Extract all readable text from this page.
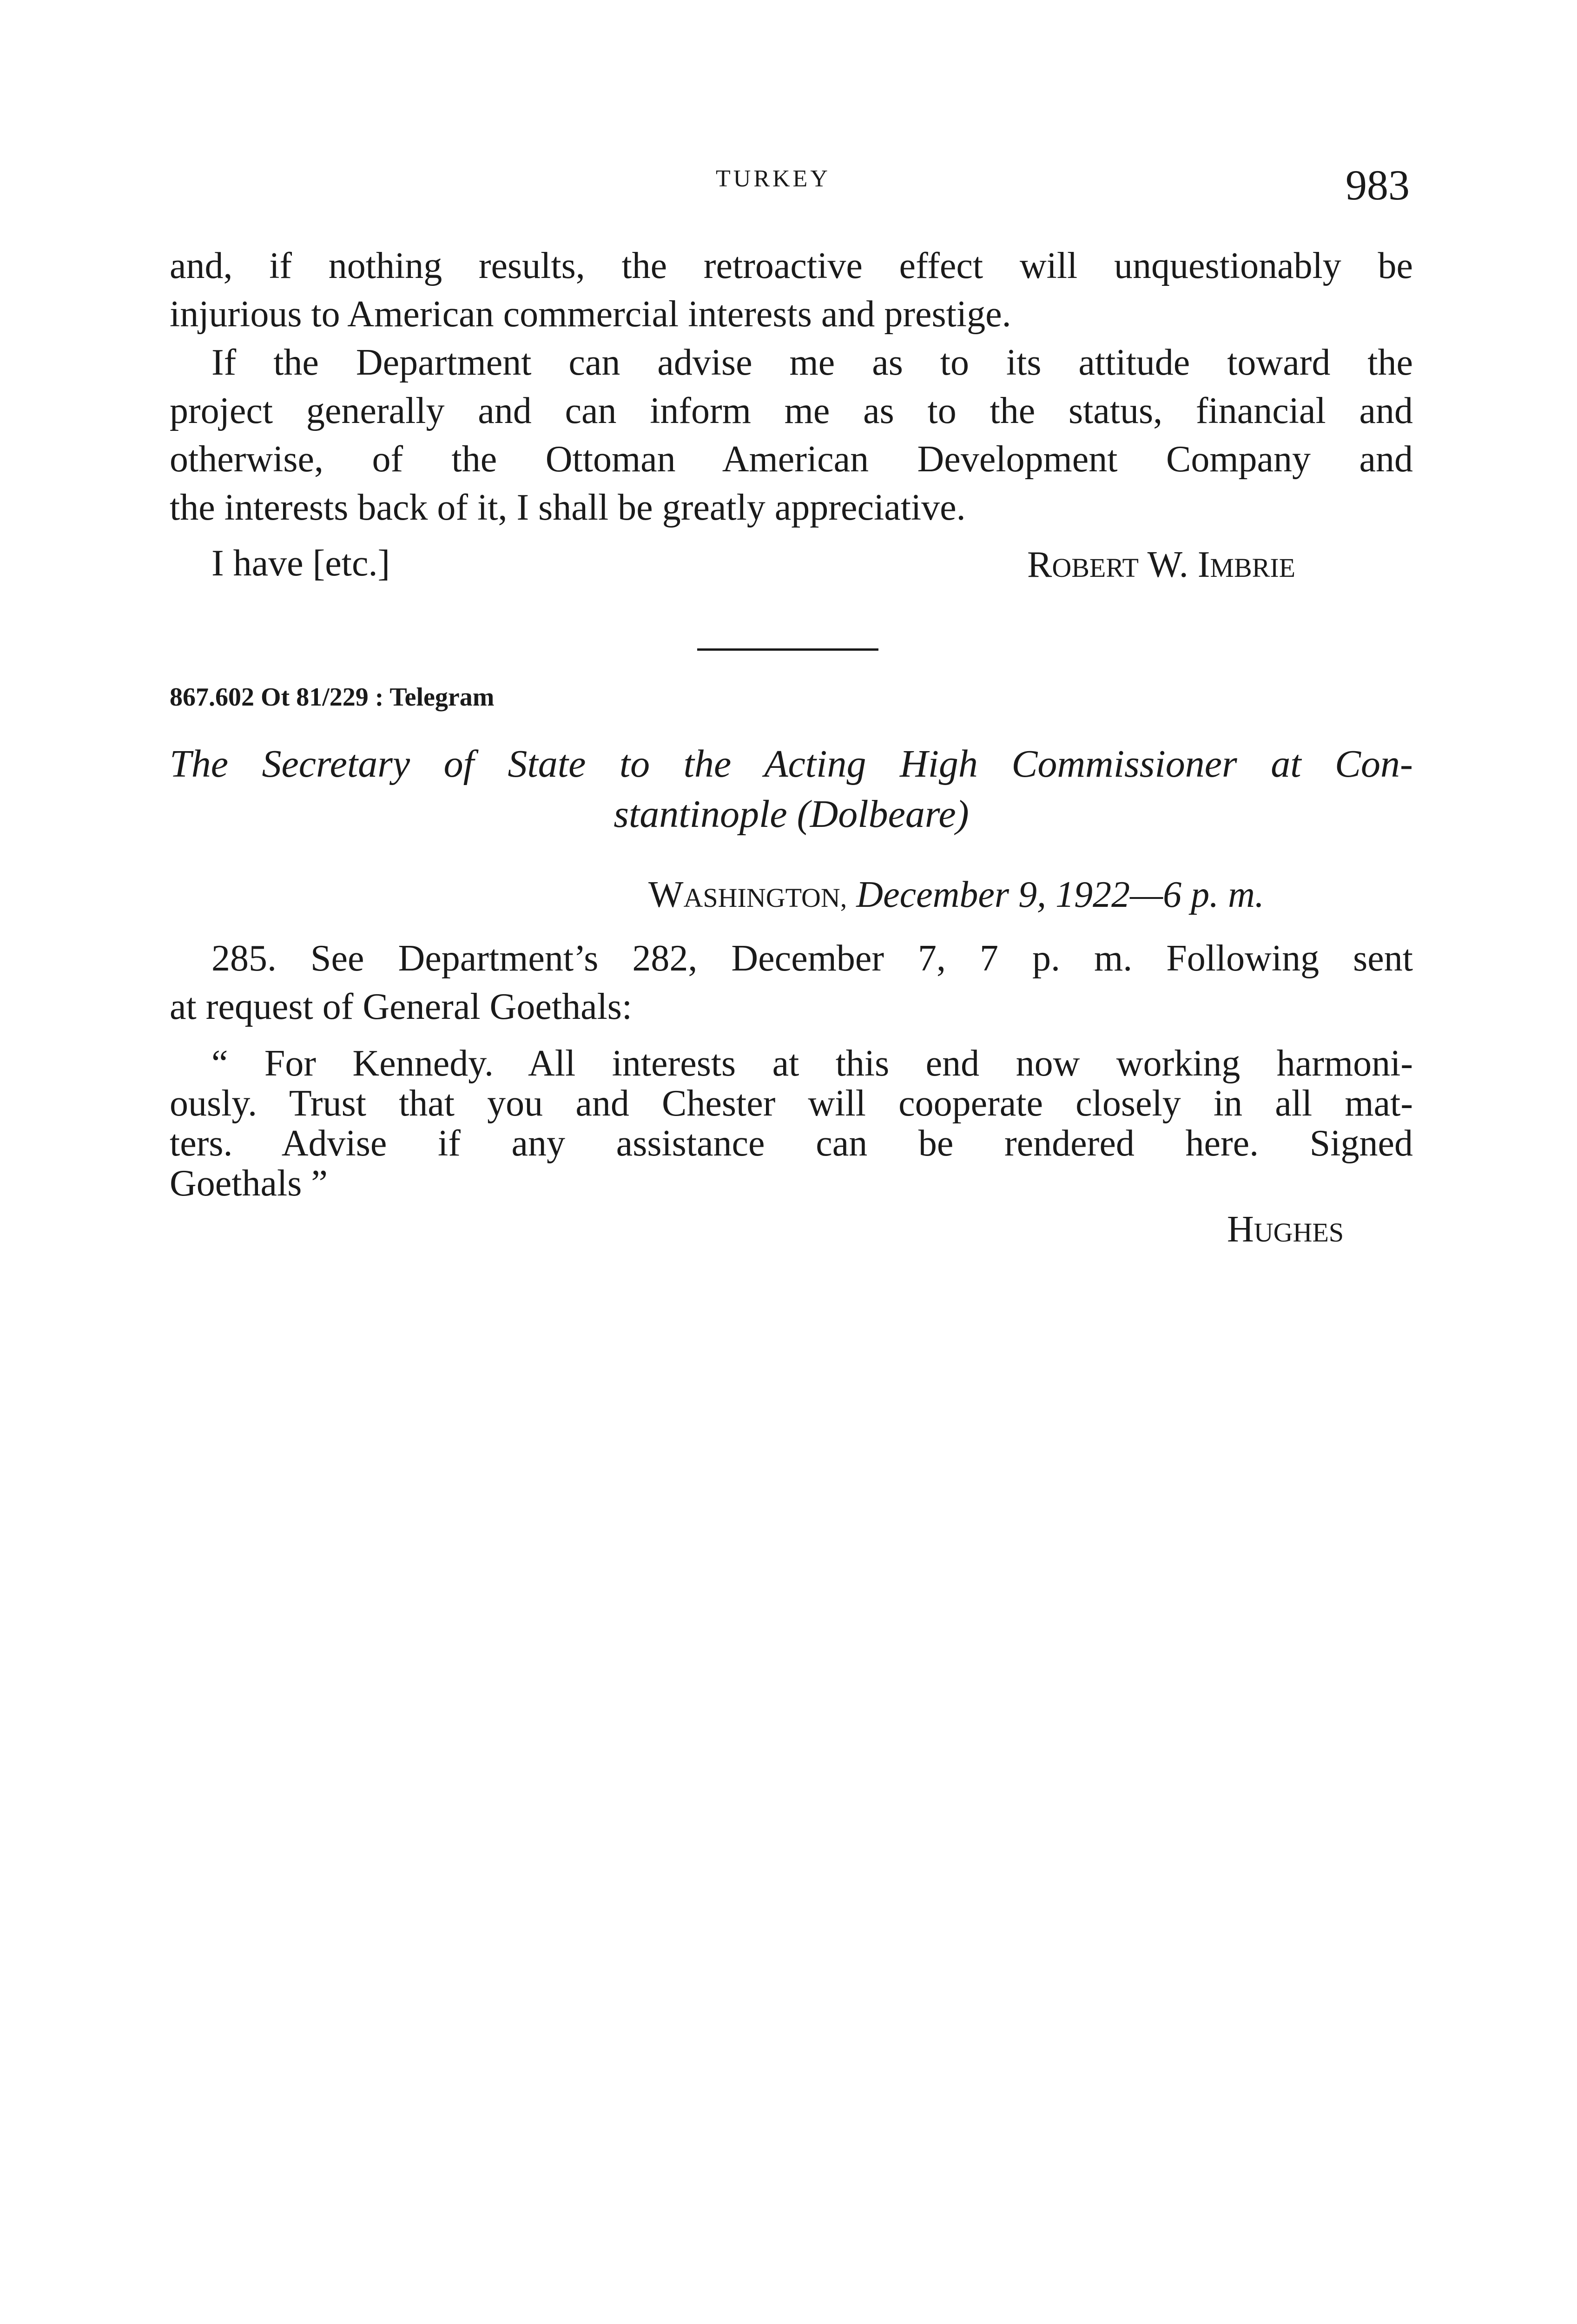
TURKEY	983
and, if nothing results, the retroactive effect will unquestionably be
injurious to American commercial interests and prestige.
If the Department can advise me as to its attitude toward the
project generally and can inform me as to the status, financial and
otherwise, of the Ottoman American Development Company and
the interests back of it, I shall be greatly appreciative.
I have [etc.]	ROBERT W. IMBRIE
867.602 Ot 81/229 : Telegram
The Secretary of State to the Acting High Commissioner at Con-
stantinople (Dolbeare)
WASHINGTON, December 9, 1922—6 p. m.
285. See Department’s 282, December 7, 7 p. m. Following sent
at request of General Goethals:
“ For Kennedy. All interests at this end now working harmoni-
ously. Trust that you and Chester will cooperate closely in all mat-
ters. Advise if any assistance can be rendered here. Signed
Goethals ”
HUGHES
